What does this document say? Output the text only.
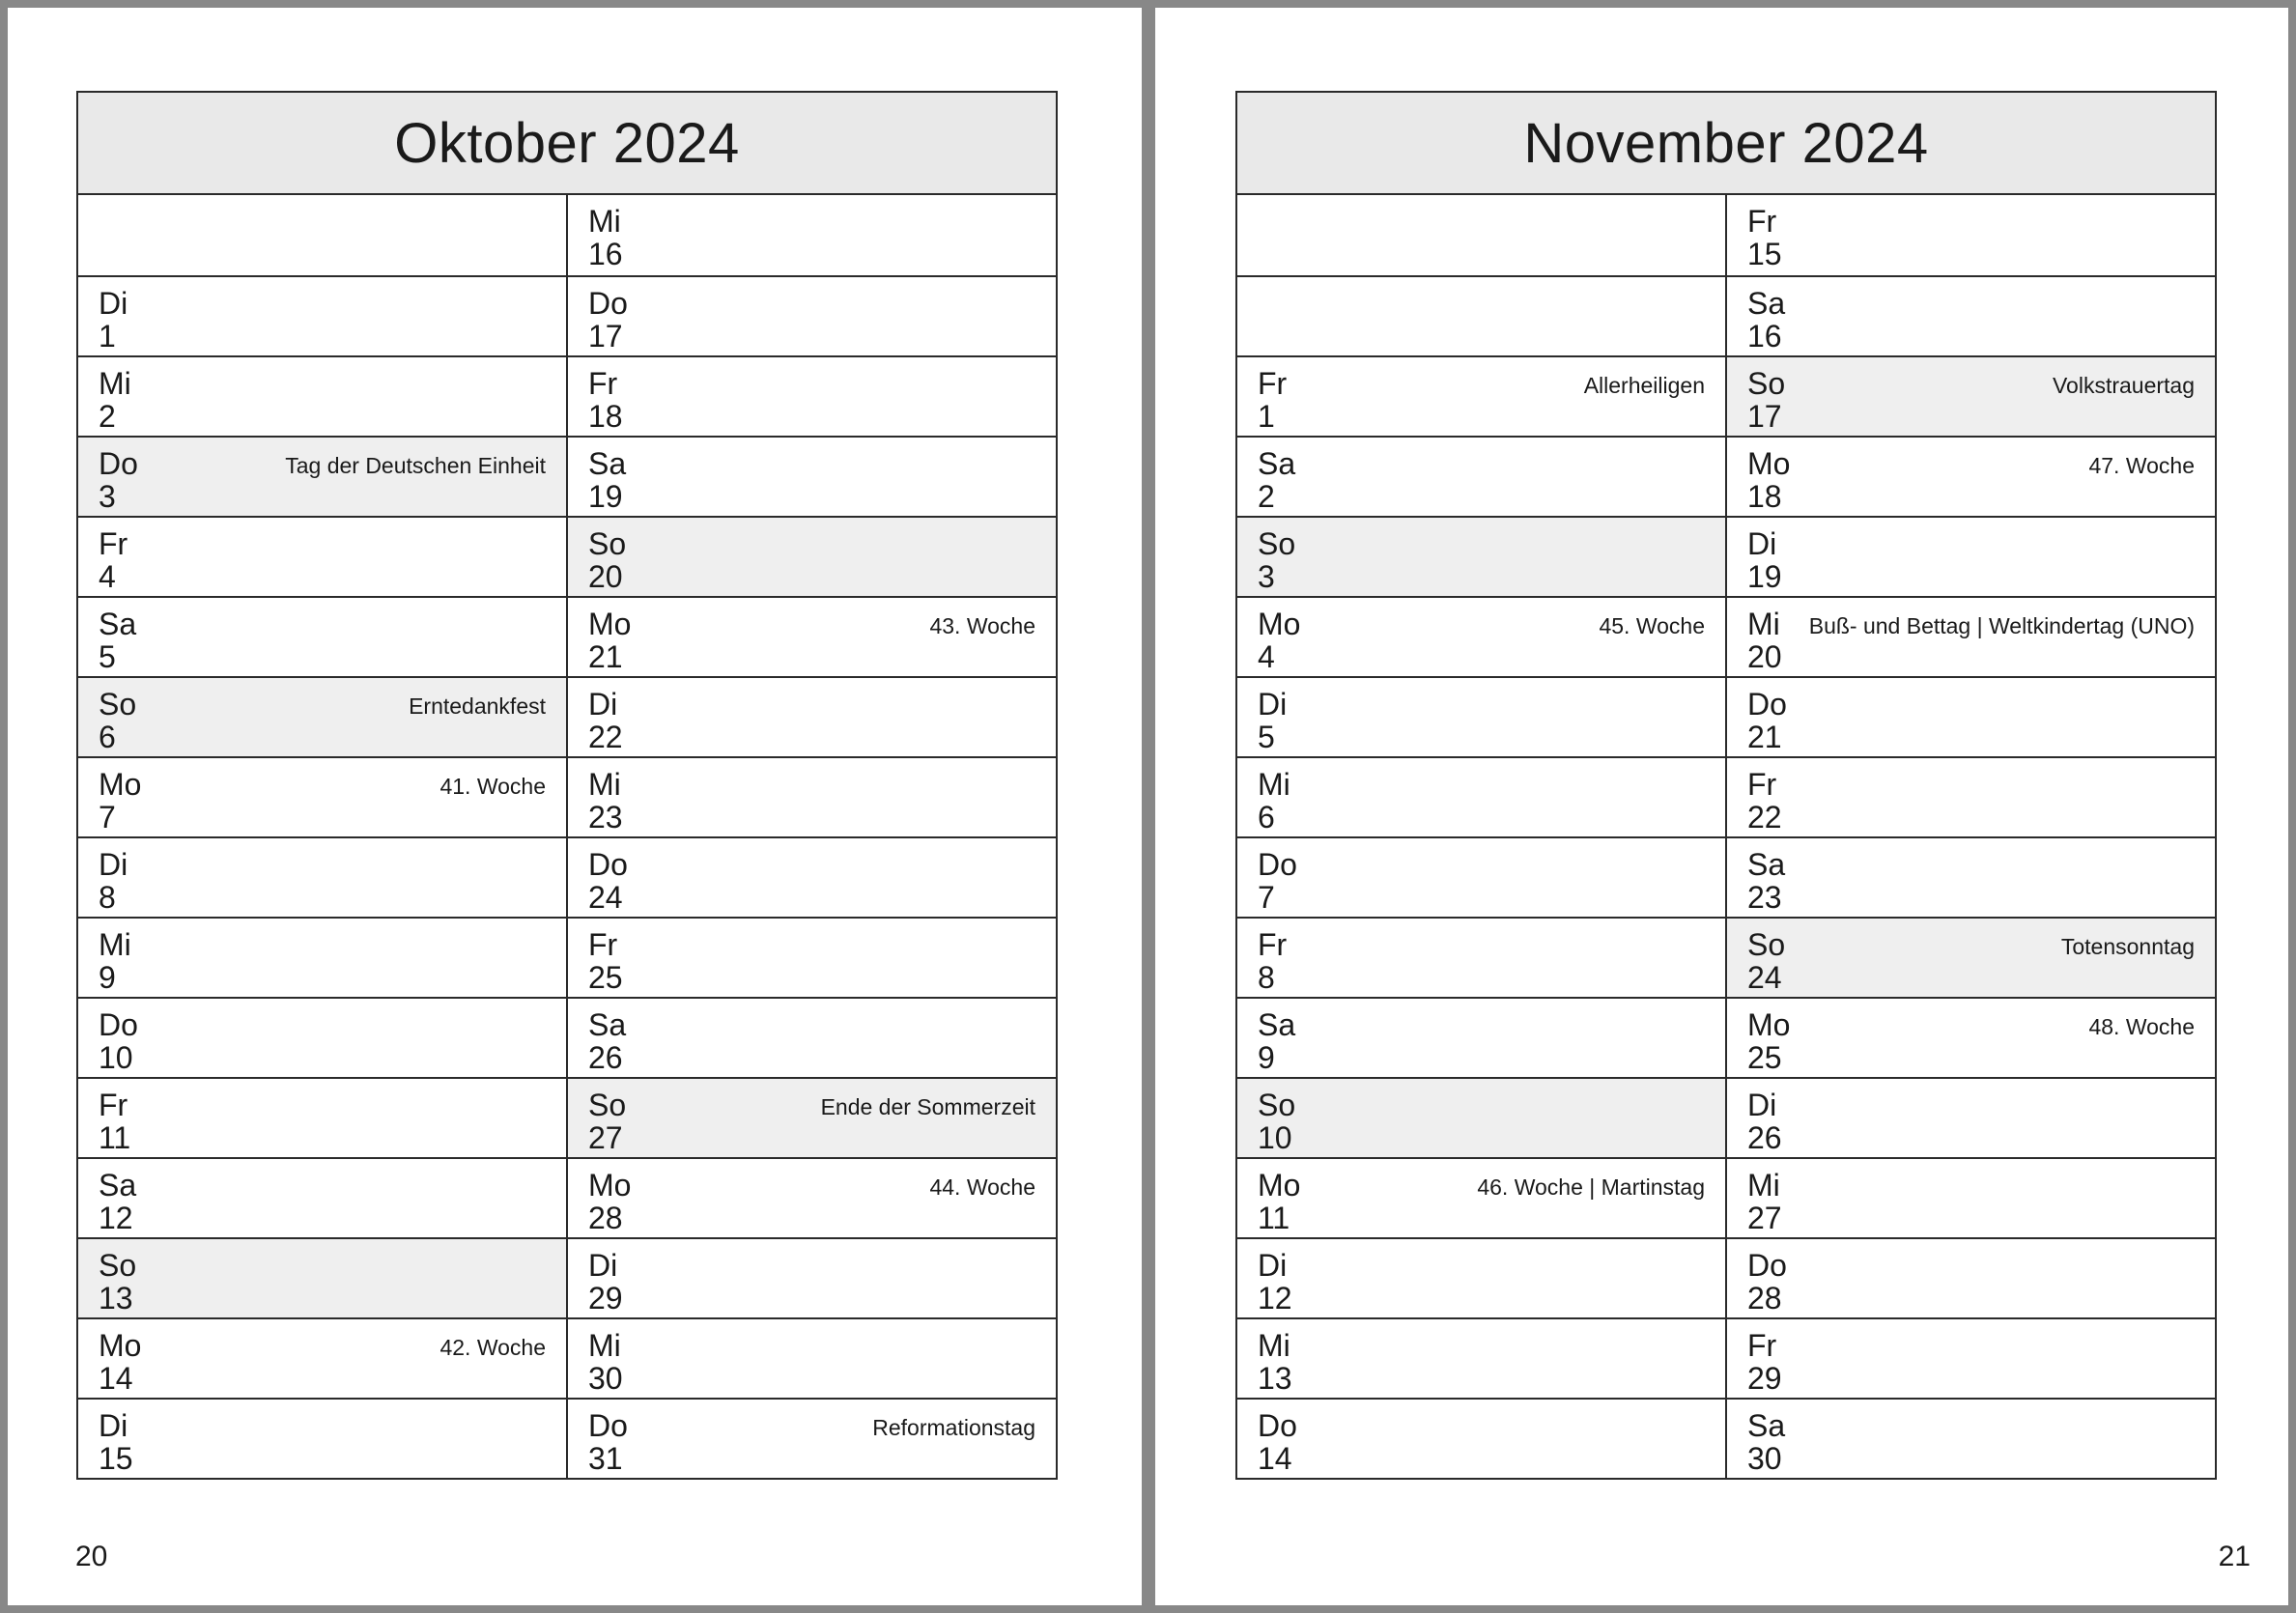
Oktober 2024
Di
1
Mi
2
Do
3
Tag der Deutschen Einheit
Fr
4
Sa
5
So
6
Erntedankfest
Mo
7
41. Woche
Di
8
Mi
9
Do
10
Fr
11
Sa
12
So
13
Mo
14
42. Woche
Di
15
Mi
16
Do
17
Fr
18
Sa
19
So
20
Mo
21
43. Woche
Di
22
Mi
23
Do
24
Fr
25
Sa
26
So
27
Ende der Sommerzeit
Mo
28
44. Woche
Di
29
Mi
30
Do
31
Reformationstag
20
November 2024
Fr
1
Allerheiligen
Sa
2
So
3
Mo
4
45. Woche
Di
5
Mi
6
Do
7
Fr
8
Sa
9
So
10
Mo
11
46. Woche | Martinstag
Di
12
Mi
13
Do
14
Fr
15
Sa
16
So
17
Volkstrauertag
Mo
18
47. Woche
Di
19
Mi
20
Buß- und Bettag | Weltkindertag (UNO)
Do
21
Fr
22
Sa
23
So
24
Totensonntag
Mo
25
48. Woche
Di
26
Mi
27
Do
28
Fr
29
Sa
30
21
